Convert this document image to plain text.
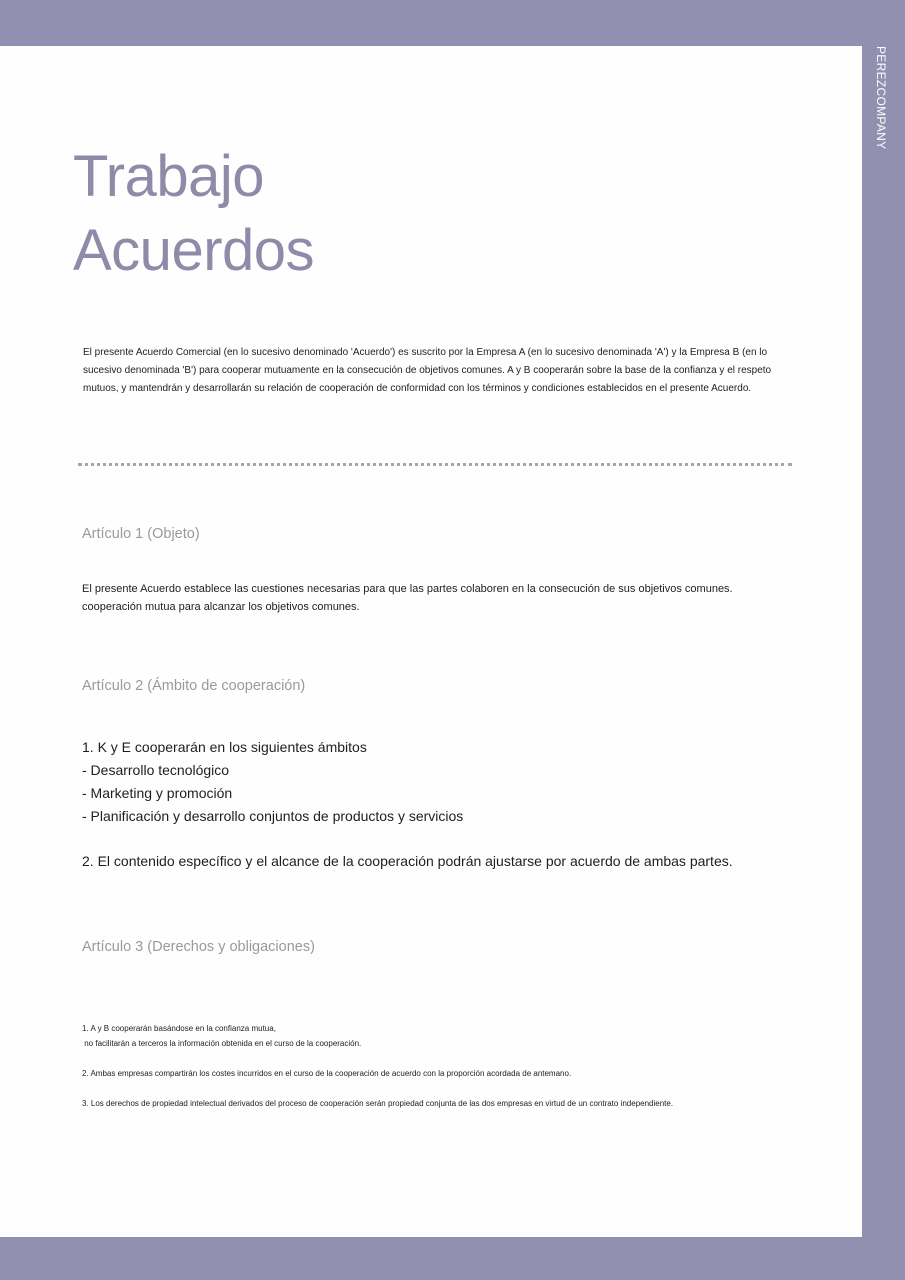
PEREZCOMPANY
Trabajo
Acuerdos

El presente Acuerdo Comercial (en lo sucesivo denominado 'Acuerdo') es suscrito por la Empresa A (en lo sucesivo denominada 'A') y la Empresa B (en lo sucesivo denominada 'B') para cooperar mutuamente en la consecución de objetivos comunes. A y B cooperarán sobre la base de la confianza y el respeto mutuos, y mantendrán y desarrollarán su relación de cooperación de conformidad con los términos y condiciones establecidos en el presente Acuerdo.

Artículo 1 (Objeto)

El presente Acuerdo establece las cuestiones necesarias para que las partes colaboren en la consecución de sus objetivos comunes.
cooperación mutua para alcanzar los objetivos comunes.

Artículo 2 (Ámbito de cooperación)
1. K y E cooperarán en los siguientes ámbitos
- Desarrollo tecnológico
- Marketing y promoción
- Planificación y desarrollo conjuntos de productos y servicios

2. El contenido específico y el alcance de la cooperación podrán ajustarse por acuerdo de ambas partes.

Artículo 3 (Derechos y obligaciones)

1. A y B cooperarán basándose en la confianza mutua,
no facilitarán a terceros la información obtenida en el curso de la cooperación.

2. Ambas empresas compartirán los costes incurridos en el curso de la cooperación de acuerdo con la proporción acordada de antemano.

3. Los derechos de propiedad intelectual derivados del proceso de cooperación serán propiedad conjunta de las dos empresas en virtud de un contrato independiente.
